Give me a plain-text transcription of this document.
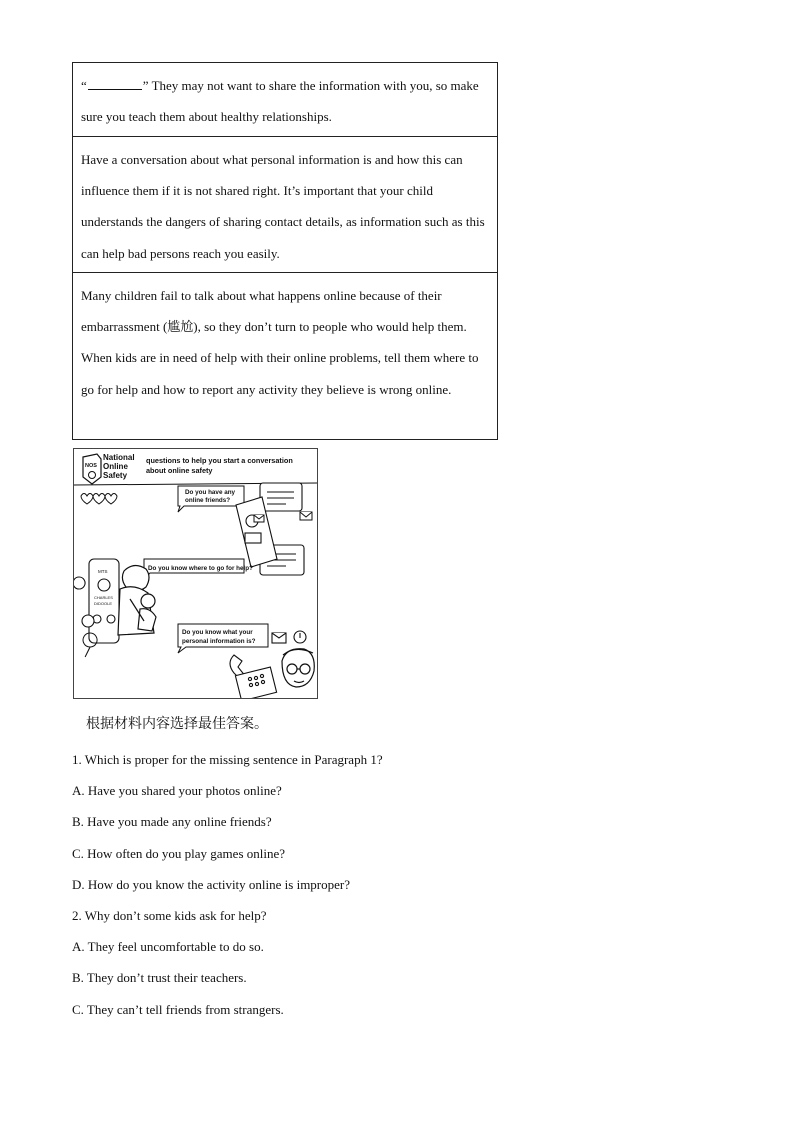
“	” They may not want to share the information with you, so make sure you teach them about healthy relationships.
Have a conversation about what personal information is and how this can influence them if it is not shared right. It’s important that your child understands the dangers of sharing contact details, as information such as this can help bad persons reach you easily.
Many children fail to talk about what happens online because of their embarrassment (尴尬), so they don’t turn to people who would help them. When kids are in need of help with their online problems, tell them where to go for help and how to report any activity they believe is wrong online.
NOS
National
Online
Safety
questions to help you start a conversation
about online safety
Do you have any
online friends?
Do you know where to go for help?
MTS
CHARLES
DIDOOLE
Do you know what your
personal information is?
根据材料内容选择最佳答案。
1. Which is proper for the missing sentence in Paragraph 1?
A. Have you shared your photos online?
B. Have you made any online friends?
C. How often do you play games online?
D. How do you know the activity online is improper?
2. Why don’t some kids ask for help?
A. They feel uncomfortable to do so.
B. They don’t trust their teachers.
C. They can’t tell friends from strangers.
